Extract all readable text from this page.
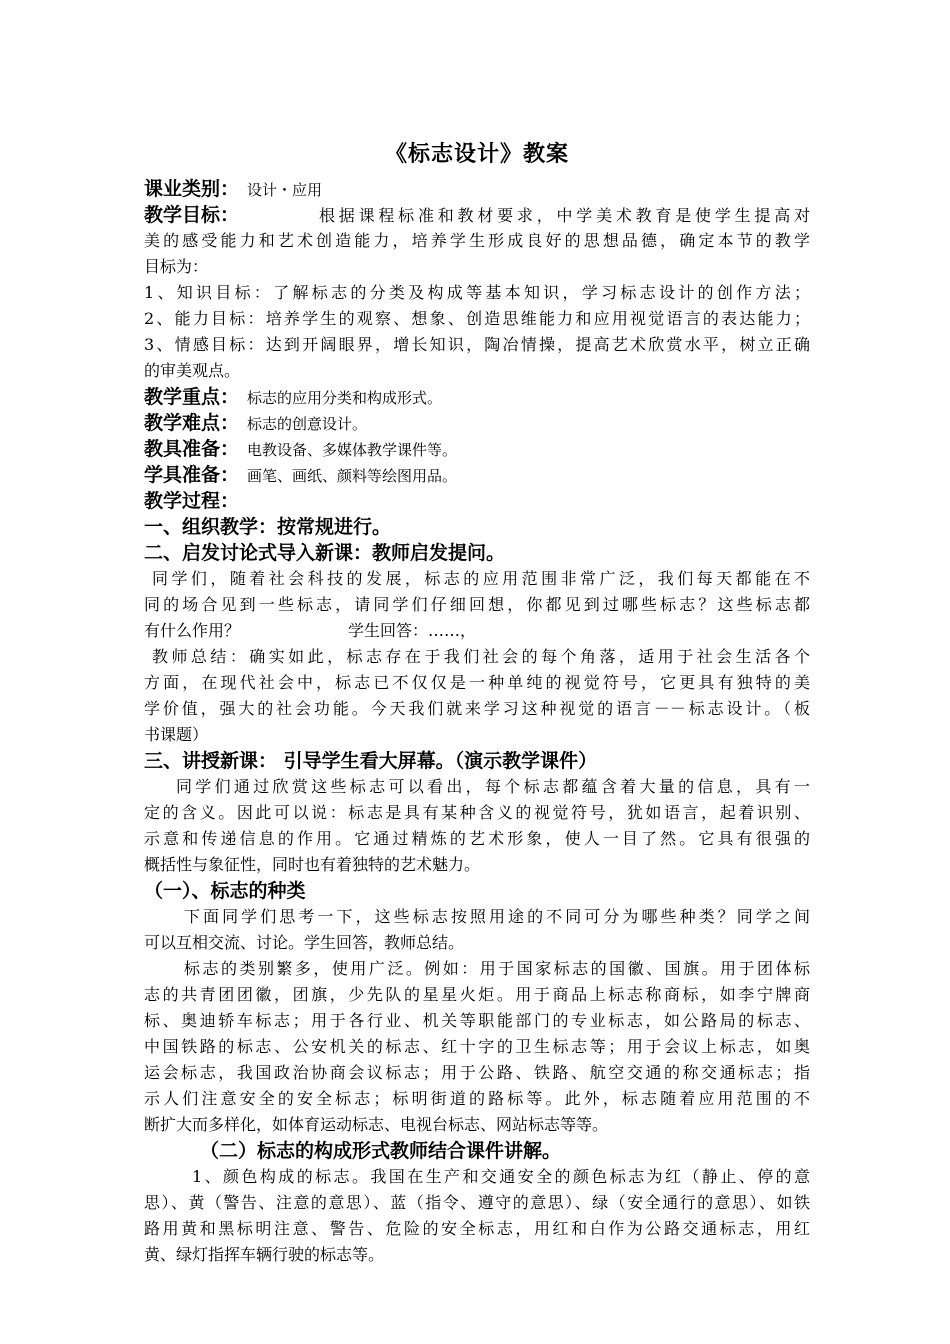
《标志设计》教案
课业类别： 设计・应用
教学目标：	根据课程标准和教材要求，中学美术教育是使学生提高对
美的感受能力和艺术创造能力，培养学生形成良好的思想品德，确定本节的教学
目标为：
1、知识目标：了解标志的分类及构成等基本知识，学习标志设计的创作方法；
2、能力目标：培养学生的观察、想象、创造思维能力和应用视觉语言的表达能力；
3、情感目标：达到开阔眼界，增长知识，陶冶情操，提高艺术欣赏水平，树立正确
的审美观点。
教学重点： 标志的应用分类和构成形式。
教学难点： 标志的创意设计。
教具准备： 电教设备、多媒体教学课件等。
学具准备： 画笔、画纸、颜料等绘图用品。
教学过程：
一、组织教学：按常规进行。
二、启发讨论式导入新课：教师启发提问。
同学们，随着社会科技的发展，标志的应用范围非常广泛，我们每天都能在不
同的场合见到一些标志，请同学们仔细回想，你都见到过哪些标志？这些标志都
有什么作用？	学生回答：……，
教师总结：确实如此，标志存在于我们社会的每个角落，适用于社会生活各个
方面，在现代社会中，标志已不仅仅是一种单纯的视觉符号，它更具有独特的美
学价值，强大的社会功能。今天我们就来学习这种视觉的语言－－标志设计。（板
书课题）
三、讲授新课： 引导学生看大屏幕。（演示教学课件）
同学们通过欣赏这些标志可以看出，每个标志都蕴含着大量的信息，具有一
定的含义。因此可以说：标志是具有某种含义的视觉符号，犹如语言，起着识别、
示意和传递信息的作用。它通过精炼的艺术形象，使人一目了然。它具有很强的
概括性与象征性，同时也有着独特的艺术魅力。
（一）、标志的种类
下面同学们思考一下，这些标志按照用途的不同可分为哪些种类？同学之间
可以互相交流、讨论。学生回答，教师总结。
标志的类别繁多，使用广泛。例如：用于国家标志的国徽、国旗。用于团体标
志的共青团团徽，团旗，少先队的星星火炬。用于商品上标志称商标，如李宁牌商
标、奥迪轿车标志；用于各行业、机关等职能部门的专业标志，如公路局的标志、
中国铁路的标志、公安机关的标志、红十字的卫生标志等；用于会议上标志，如奥
运会标志，我国政治协商会议标志；用于公路、铁路、航空交通的称交通标志；指
示人们注意安全的安全标志；标明街道的路标等。此外，标志随着应用范围的不
断扩大而多样化，如体育运动标志、电视台标志、网站标志等等。
（二）标志的构成形式教师结合课件讲解。
1、颜色构成的标志。我国在生产和交通安全的颜色标志为红（静止、停的意
思）、黄（警告、注意的意思）、蓝（指令、遵守的意思）、绿（安全通行的意思）、如铁
路用黄和黑标明注意、警告、危险的安全标志，用红和白作为公路交通标志，用红
黄、绿灯指挥车辆行驶的标志等。
